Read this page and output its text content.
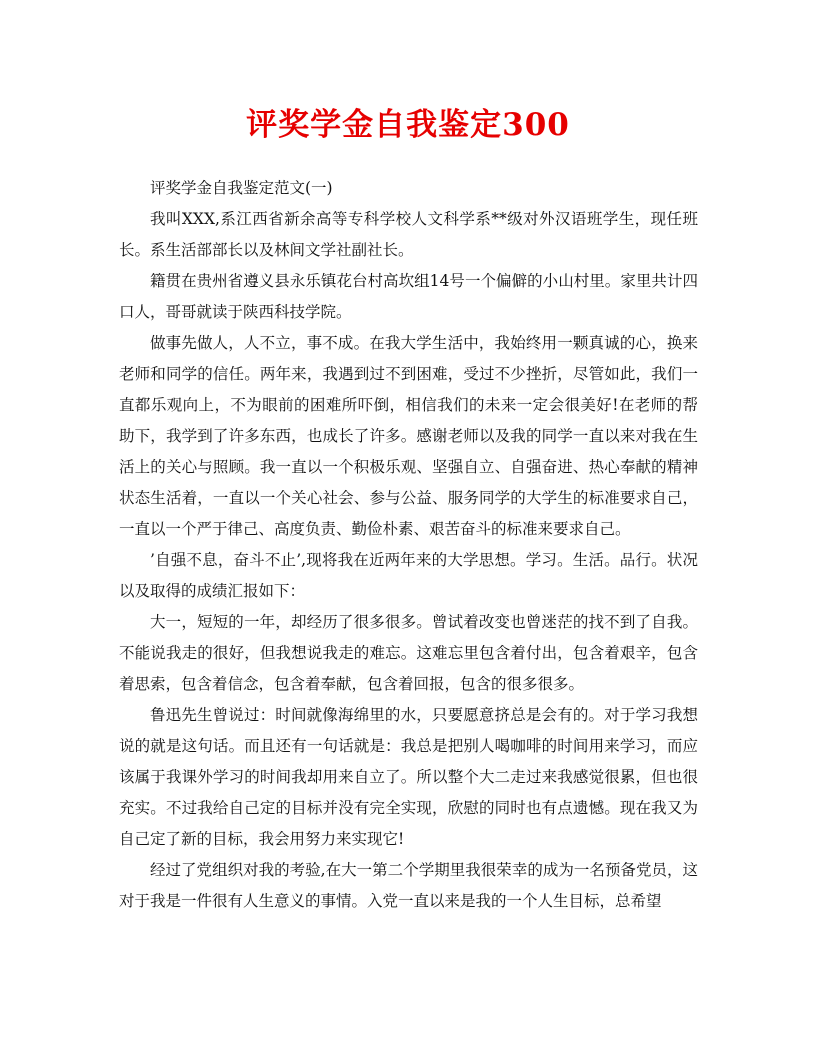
评奖学金自我鉴定300

评奖学金自我鉴定范文(一)

我叫XXX,系江西省新余高等专科学校人文科学系**级对外汉语班学生，现任班长。系生活部部长以及林间文学社副社长。

籍贯在贵州省遵义县永乐镇花台村高坎组14号一个偏僻的小山村里。家里共计四口人，哥哥就读于陕西科技学院。

做事先做人，人不立，事不成。在我大学生活中，我始终用一颗真诚的心，换来老师和同学的信任。两年来，我遇到过不到困难，受过不少挫折，尽管如此，我们一直都乐观向上，不为眼前的困难所吓倒，相信我们的未来一定会很美好!在老师的帮助下，我学到了许多东西，也成长了许多。感谢老师以及我的同学一直以来对我在生活上的关心与照顾。我一直以一个积极乐观、坚强自立、自强奋进、热心奉献的精神状态生活着，一直以一个关心社会、参与公益、服务同学的大学生的标准要求自己，一直以一个严于律己、高度负责、勤俭朴素、艰苦奋斗的标准来要求自己。

’自强不息，奋斗不止’,现将我在近两年来的大学思想。学习。生活。品行。状况以及取得的成绩汇报如下：

大一，短短的一年，却经历了很多很多。曾试着改变也曾迷茫的找不到了自我。不能说我走的很好，但我想说我走的难忘。这难忘里包含着付出，包含着艰辛，包含着思索，包含着信念，包含着奉献，包含着回报，包含的很多很多。

鲁迅先生曾说过：时间就像海绵里的水，只要愿意挤总是会有的。对于学习我想说的就是这句话。而且还有一句话就是：我总是把别人喝咖啡的时间用来学习，而应该属于我课外学习的时间我却用来自立了。所以整个大二走过来我感觉很累，但也很充实。不过我给自己定的目标并没有完全实现，欣慰的同时也有点遗憾。现在我又为自己定了新的目标，我会用努力来实现它!

经过了党组织对我的考验,在大一第二个学期里我很荣幸的成为一名预备党员，这对于我是一件很有人生意义的事情。入党一直以来是我的一个人生目标，总希望
